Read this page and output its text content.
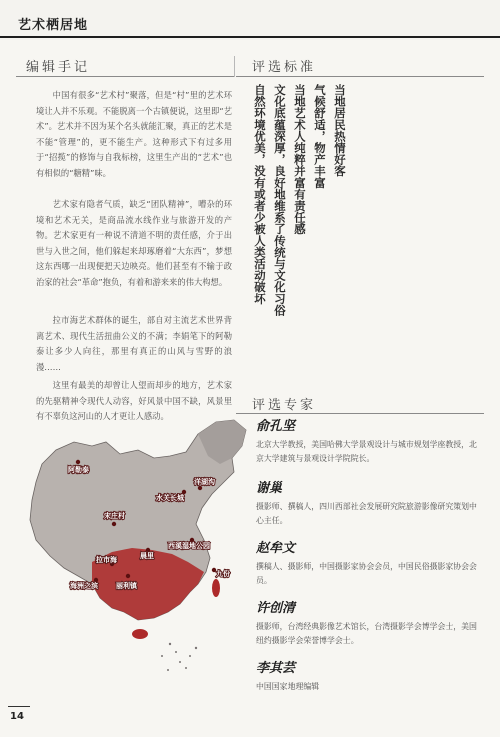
艺术栖居地
编辑手记

中国有很多“艺术村”聚落，但是“村”里的艺术环境让人并不乐观。不能脱离一个古镇便说，这里即“艺术”。艺术并不因为某个名头就能汇聚，真正的艺术是不能“管理”的，更不能生产。这种形式下有过多用于“招揽”的修饰与自我标榜，这里生产出的“艺术”也有相似的“糖精”味。

艺术家有隐者气质，缺乏“团队精神”，嘈杂的环境和艺术无关，是商品流水线作业与旅游开发的产物。艺术家更有一种说不清道不明的责任感，介于出世与入世之间，他们躲起来却琢磨着“大东西”，梦想这东西哪一出现便把天边映亮。他们甚至有不输于政治家的社会“革命”抱负，有着和游来来的伟大构想。

拉市海艺术群体的诞生，部自对主流艺术世界背离艺术、现代生活扭曲公义的不满；李娟笔下的阿勒泰让多少人向往，那里有真正的山风与雪野的浪漫……

这里有最美的却曾让人望而却步的地方，艺术家的先驱精神令现代人动容，好风景中国不缺，风景里有不辜负这河山的人才更让人感动。

评选标准

当地居民热情好客

气候舒适，物产丰富

当地艺术人纯粹并富有责任感

文化底蕴深厚，良好地维系了传统与文化习俗

自然环境优美，没有或者少被人类活动破坏

评选专家
俞孔坚
北京大学教授，美国哈佛大学景观设计与城市规划学座教授，北京大学建筑与景观设计学院院长。
谢巢
摄影师、撰稿人，四川西部社会发展研究院旅游影像研究策划中心主任。
赵牟文
撰稿人、摄影师，中国摄影家协会会员，中国民俗摄影家协会会员。
许创清
摄影师，台湾经典影像艺术馆长，台湾摄影学会博学会士，美国纽约摄影学会荣誉博学会士。
李其芸
中国国家地理编辑
阿勒泰
水关长城
洋湖沟
宋庄村
西溪湿地公园
九份
拉市海	晨里
海洲之滨	丽利镇
14
